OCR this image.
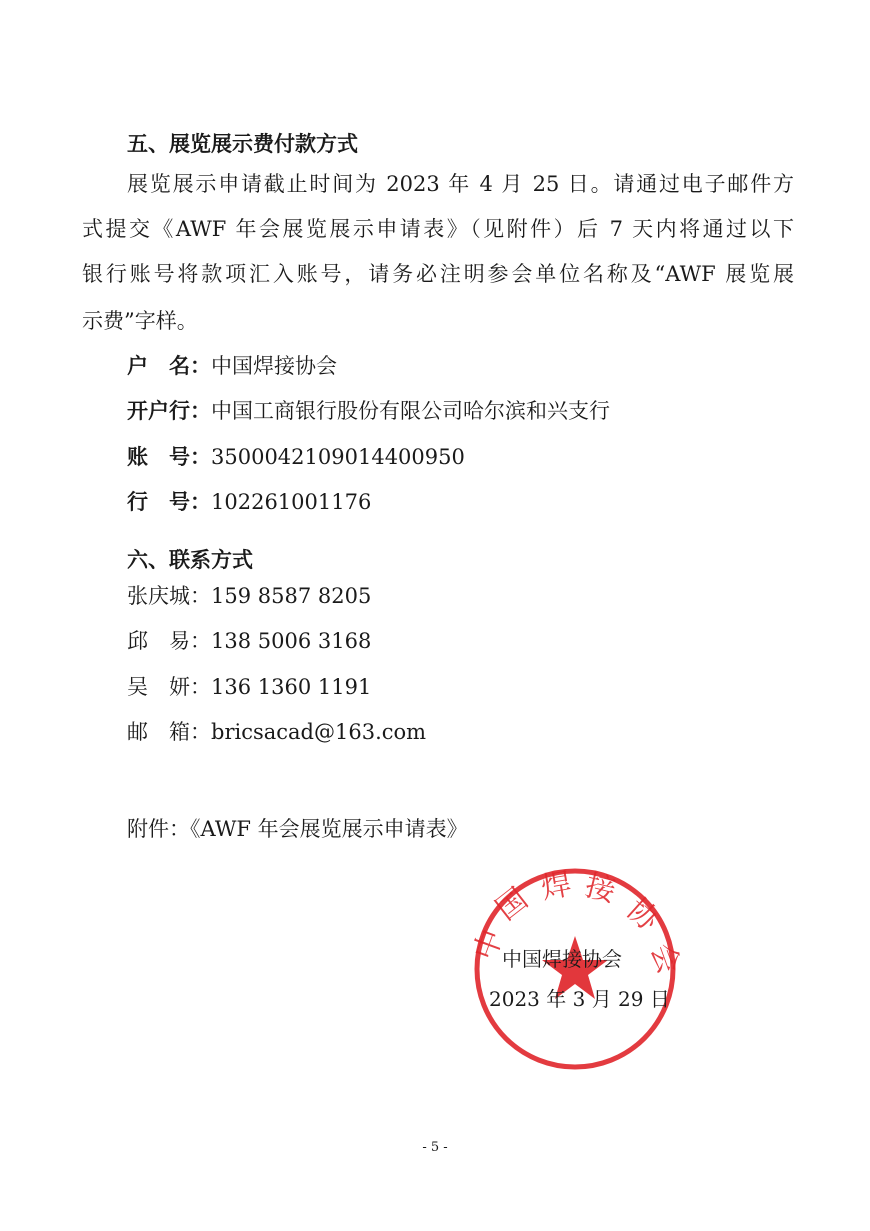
五、展览展示费付款方式
展览展示申请截止时间为 2023 年 4 月 25 日。请通过电子邮件方
式提交《AWF 年会展览展示申请表》（见附件）后 7 天内将通过以下
银行账号将款项汇入账号，请务必注明参会单位名称及“AWF 展览展
示费”字样。
户　名：中国焊接协会
开户行：中国工商银行股份有限公司哈尔滨和兴支行
账　号：3500042109014400950
行　号：102261001176
六、联系方式
张庆城：159 8587 8205
邱　易：138 5006 3168
吴　妍：136 1360 1191
邮　箱：bricsacad@163.com
附件：《AWF 年会展览展示申请表》
中
国 焊 接
协
会
中国焊接协会
2023 年 3 月 29 日
- 5 -
